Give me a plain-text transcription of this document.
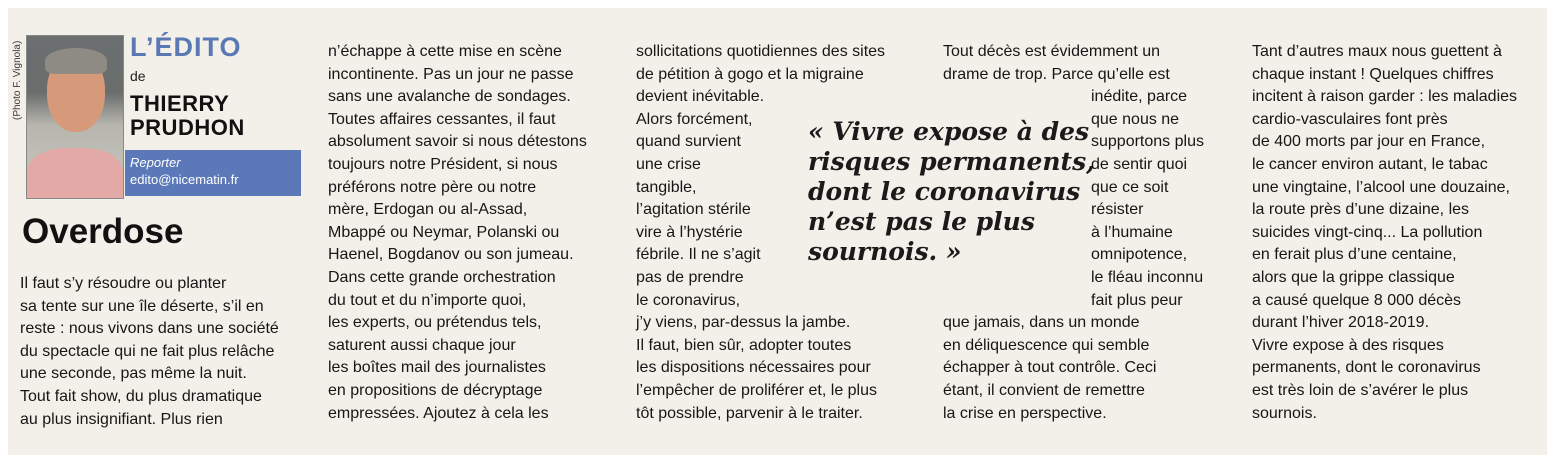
(Photo F. Vignola)	L’ÉDITO
de
THIERRY
PRUDHON
Reporter
edito@nicematin.fr
Overdose
Il faut s’y résoudre ou planter
sa tente sur une île déserte, s’il en
reste : nous vivons dans une société
du spectacle qui ne fait plus relâche
une seconde, pas même la nuit.
Tout fait show, du plus dramatique
au plus insignifiant. Plus rien
n’échappe à cette mise en scène
incontinente. Pas un jour ne passe
sans une avalanche de sondages.
Toutes affaires cessantes, il faut
absolument savoir si nous détestons
toujours notre Président, si nous
préférons notre père ou notre
mère, Erdogan ou al-Assad,
Mbappé ou Neymar, Polanski ou
Haenel, Bogdanov ou son jumeau.
Dans cette grande orchestration
du tout et du n’importe quoi,
les experts, ou prétendus tels,
saturent aussi chaque jour
les boîtes mail des journalistes
en propositions de décryptage
empressées. Ajoutez à cela les
sollicitations quotidiennes des sites
de pétition à gogo et la migraine
devient inévitable.
Alors forcément,
quand survient
une crise
tangible,
l’agitation stérile
vire à l’hystérie
fébrile. Il ne s’agit
pas de prendre
le coronavirus,
j’y viens, par-dessus la jambe.
Il faut, bien sûr, adopter toutes
les dispositions nécessaires pour
l’empêcher de proliférer et, le plus
tôt possible, parvenir à le traiter.
Tout décès est évidemment un
drame de trop. Parce qu’elle est
inédite, parce
que nous ne
supportons plus
de sentir quoi
que ce soit
résister
à l’humaine
omnipotence,
le fléau inconnu
fait plus peur
que jamais, dans un monde
en déliquescence qui semble
échapper à tout contrôle. Ceci
étant, il convient de remettre
la crise en perspective.
« Vivre expose à des
risques permanents,
dont le coronavirus
n’est pas le plus
sournois. »
Tant d’autres maux nous guettent à
chaque instant ! Quelques chiffres
incitent à raison garder : les maladies
cardio-vasculaires font près
de 400 morts par jour en France,
le cancer environ autant, le tabac
une vingtaine, l’alcool une douzaine,
la route près d’une dizaine, les
suicides vingt-cinq... La pollution
en ferait plus d’une centaine,
alors que la grippe classique
a causé quelque 8 000 décès
durant l’hiver 2018-2019.
Vivre expose à des risques
permanents, dont le coronavirus
est très loin de s’avérer le plus
sournois.
